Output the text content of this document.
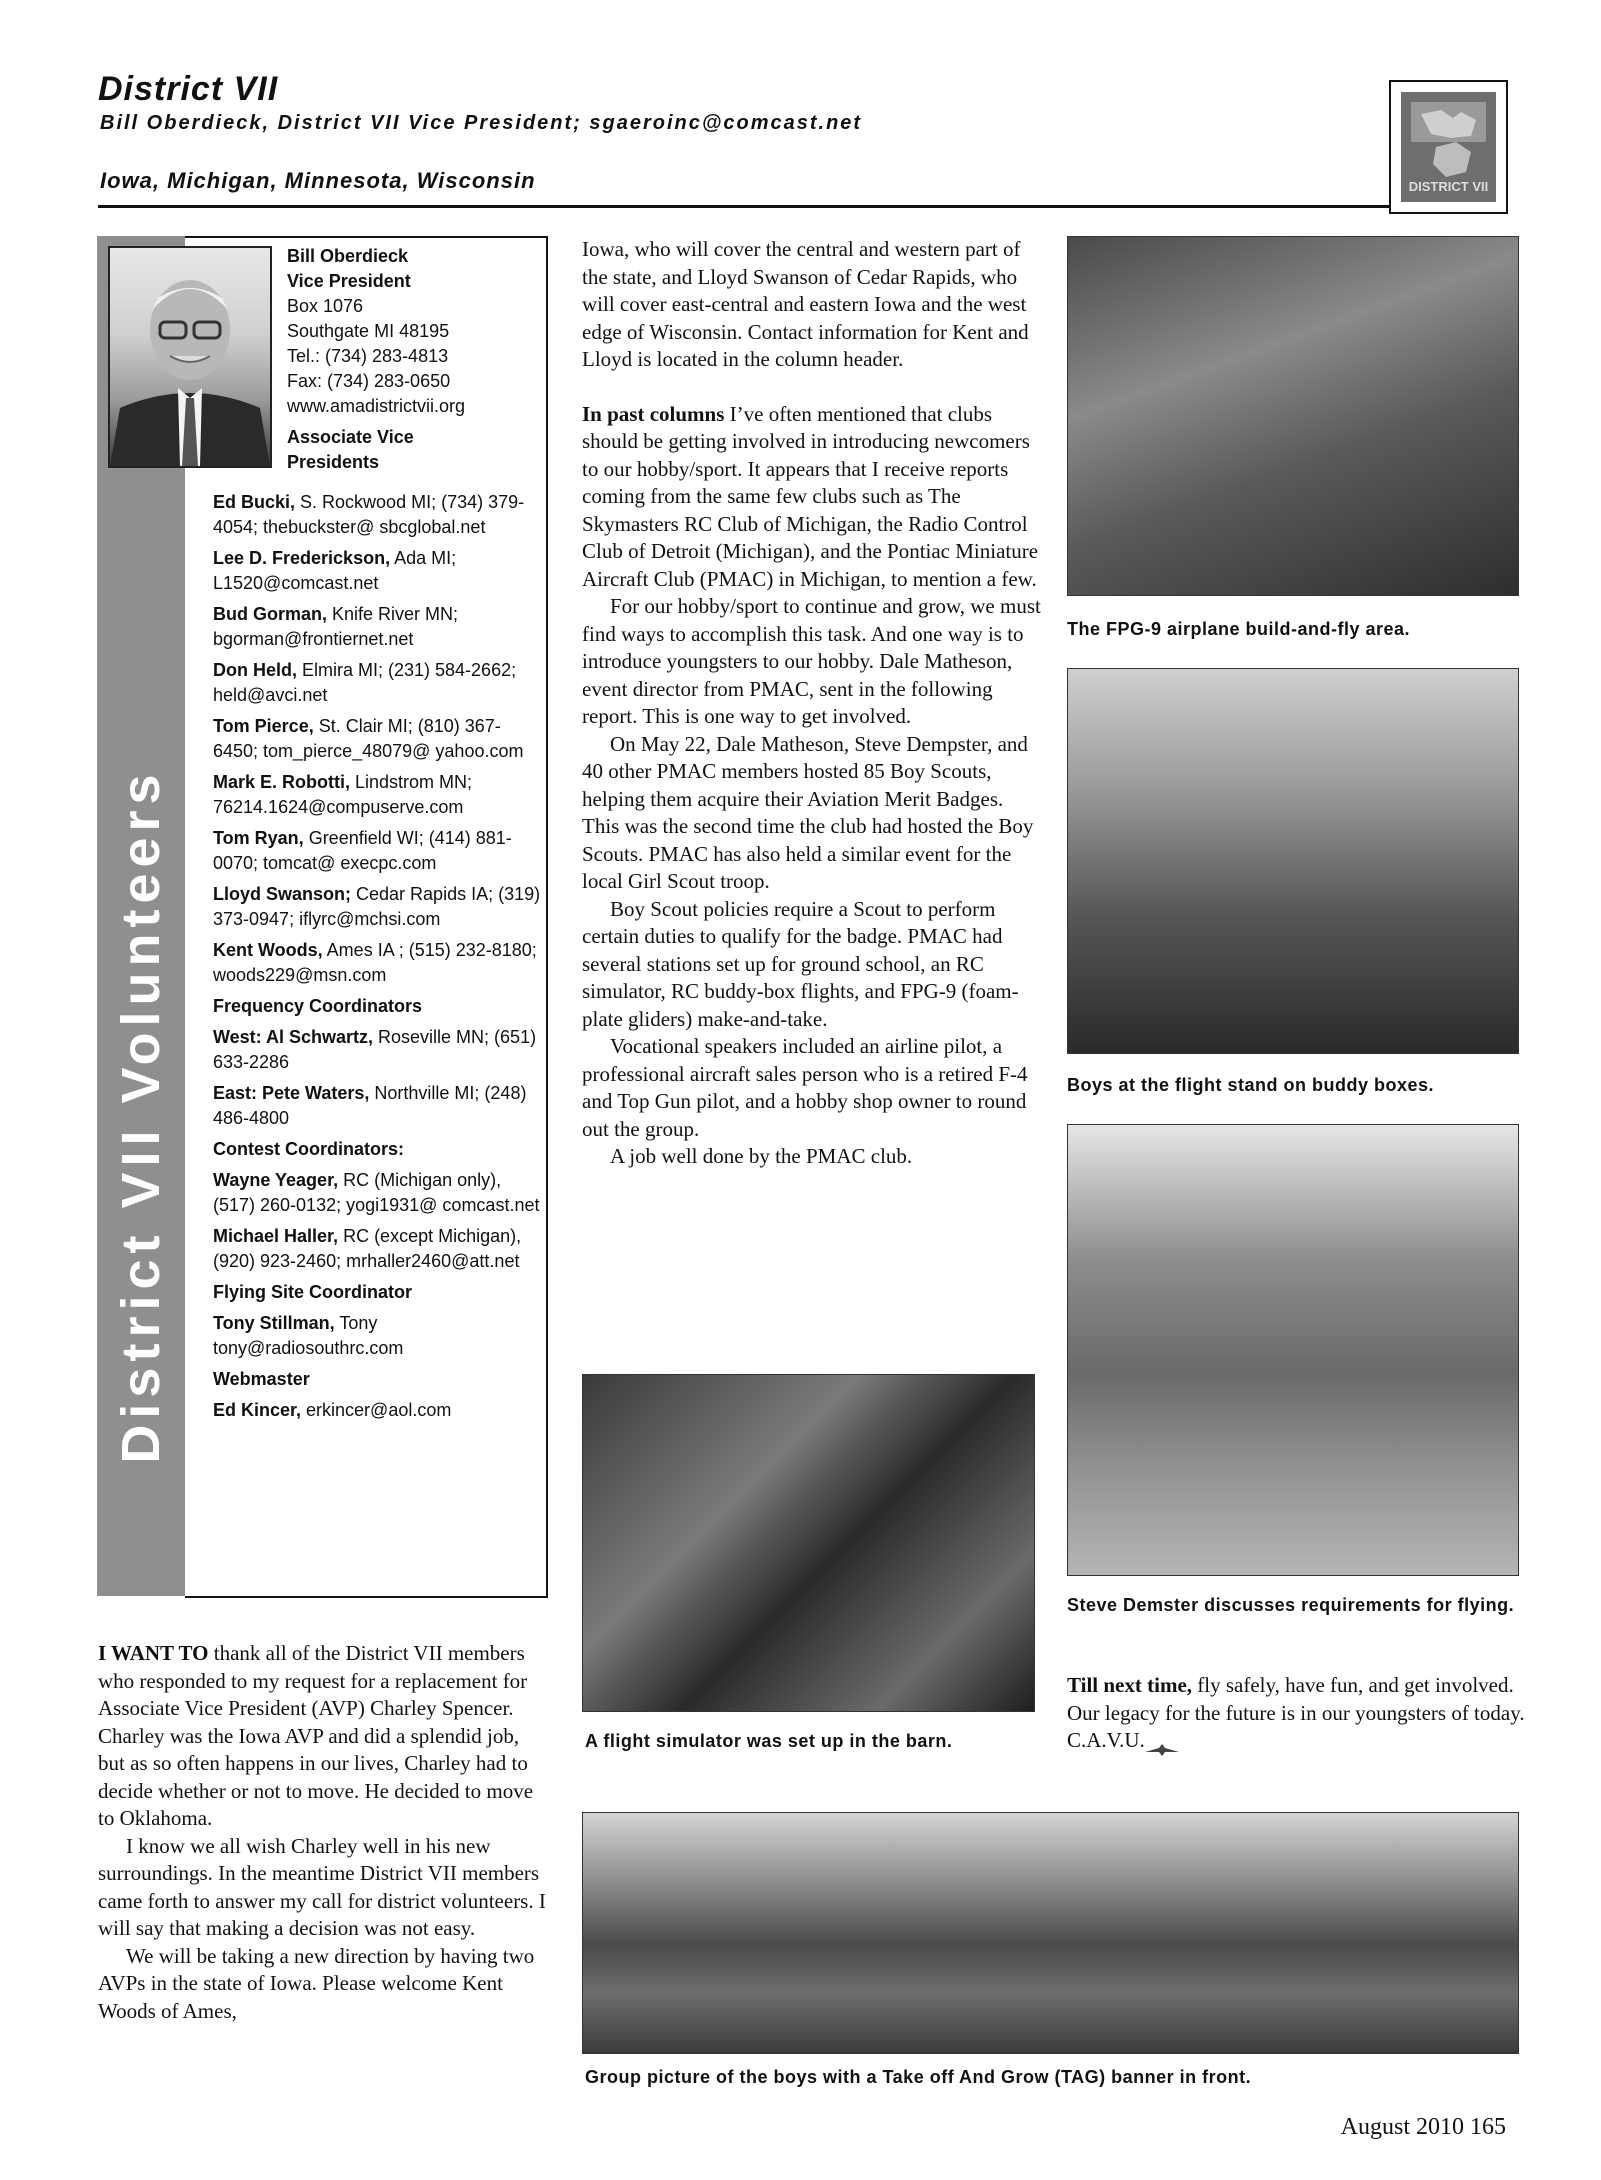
District VII
Bill Oberdieck, District VII Vice President; sgaeroinc@comcast.net
Iowa, Michigan, Minnesota, Wisconsin	DISTRICT VII
District VII Volunteers
Bill Oberdieck
Vice President
Box 1076
Southgate MI 48195
Tel.: (734) 283-4813
Fax: (734) 283-0650
www.amadistrictvii.org
Associate Vice
Presidents
Ed Bucki, S. Rockwood MI; (734) 379-4054; thebuckster@ sbcglobal.net
Lee D. Frederickson, Ada MI; L1520@comcast.net
Bud Gorman, Knife River MN; bgorman@frontiernet.net
Don Held, Elmira MI; (231) 584-2662; held@avci.net
Tom Pierce, St. Clair MI; (810) 367-6450; tom_pierce_48079@ yahoo.com
Mark E. Robotti, Lindstrom MN; 76214.1624@compuserve.com
Tom Ryan, Greenfield WI; (414) 881-0070; tomcat@ execpc.com
Lloyd Swanson; Cedar Rapids IA; (319) 373-0947; iflyrc@mchsi.com
Kent Woods, Ames IA ; (515) 232-8180; woods229@msn.com
Frequency Coordinators
West: Al Schwartz, Roseville MN; (651) 633-2286
East: Pete Waters, Northville MI; (248) 486-4800
Contest Coordinators:
Wayne Yeager, RC (Michigan only), (517) 260-0132; yogi1931@ comcast.net
Michael Haller, RC (except Michigan), (920) 923-2460; mrhaller2460@att.net
Flying Site Coordinator
Tony Stillman, Tony tony@radiosouthrc.com
Webmaster
Ed Kincer, erkincer@aol.com

I WANT TO thank all of the District VII members who responded to my request for a replacement for Associate Vice President (AVP) Charley Spencer. Charley was the Iowa AVP and did a splendid job, but as so often happens in our lives, Charley had to decide whether or not to move. He decided to move to Oklahoma.

I know we all wish Charley well in his new surroundings. In the meantime District VII members came forth to answer my call for district volunteers. I will say that making a decision was not easy.

We will be taking a new direction by having two AVPs in the state of Iowa. Please welcome Kent Woods of Ames,

Iowa, who will cover the central and western part of the state, and Lloyd Swanson of Cedar Rapids, who will cover east-central and eastern Iowa and the west edge of Wisconsin. Contact information for Kent and Lloyd is located in the column header.

In past columns I’ve often mentioned that clubs should be getting involved in introducing newcomers to our hobby/sport. It appears that I receive reports coming from the same few clubs such as The Skymasters RC Club of Michigan, the Radio Control Club of Detroit (Michigan), and the Pontiac Miniature Aircraft Club (PMAC) in Michigan, to mention a few.

For our hobby/sport to continue and grow, we must find ways to accomplish this task. And one way is to introduce youngsters to our hobby. Dale Matheson, event director from PMAC, sent in the following report. This is one way to get involved.

On May 22, Dale Matheson, Steve Dempster, and 40 other PMAC members hosted 85 Boy Scouts, helping them acquire their Aviation Merit Badges. This was the second time the club had hosted the Boy Scouts. PMAC has also held a similar event for the local Girl Scout troop.

Boy Scout policies require a Scout to perform certain duties to qualify for the badge. PMAC had several stations set up for ground school, an RC simulator, RC buddy-box flights, and FPG-9 (foam-plate gliders) make-and-take.

Vocational speakers included an airline pilot, a professional aircraft sales person who is a retired F-4 and Top Gun pilot, and a hobby shop owner to round out the group.

A job well done by the PMAC club.

The FPG-9 airplane build-and-fly area.
Boys at the flight stand on buddy boxes.
Steve Demster discusses requirements for flying.

Till next time, fly safely, have fun, and get involved. Our legacy for the future is in our youngsters of today. C.A.V.U.

A flight simulator was set up in the barn.
Group picture of the boys with a Take off And Grow (TAG) banner in front.
August 2010 165
